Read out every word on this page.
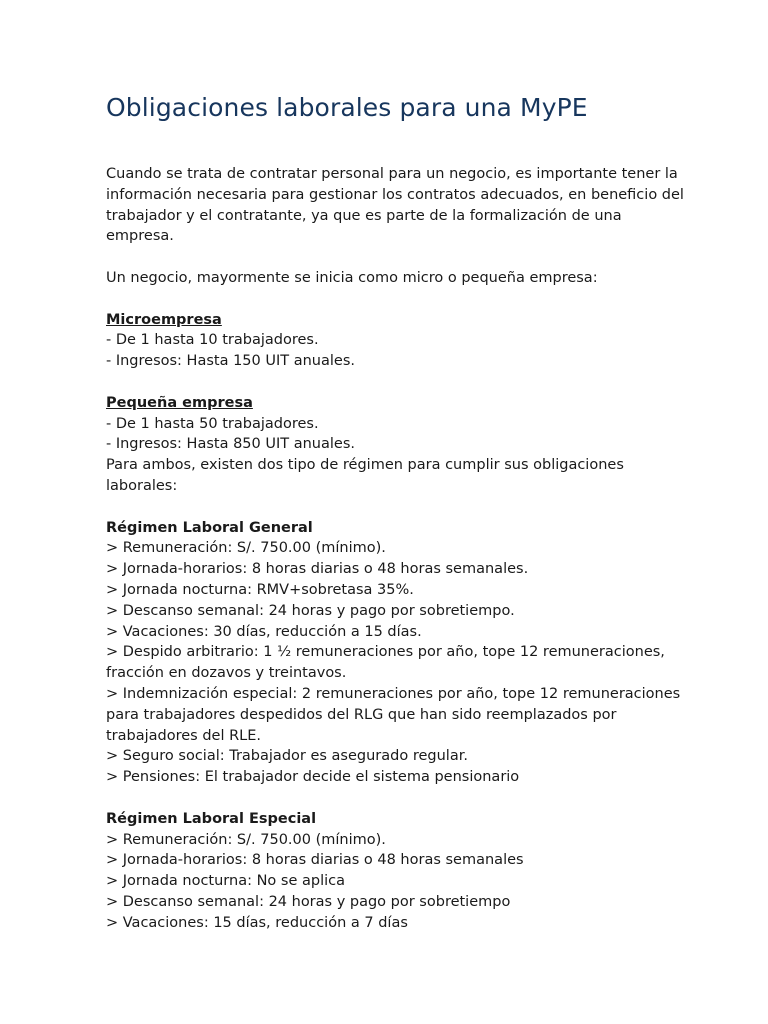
Obligaciones laborales para una MyPE

Cuando se trata de contratar personal para un negocio, es importante tener la información necesaria para gestionar los contratos adecuados, en beneficio del trabajador y el contratante, ya que es parte de la formalización de una empresa.

Un negocio, mayormente se inicia como micro o pequeña empresa:

Microempresa
- De 1 hasta 10 trabajadores.
- Ingresos: Hasta 150 UIT anuales.
Pequeña empresa
- De 1 hasta 50 trabajadores.
- Ingresos: Hasta 850 UIT anuales.

Para ambos, existen dos tipo de régimen para cumplir sus obligaciones laborales:

Régimen Laboral General
> Remuneración: S/. 750.00 (mínimo).
> Jornada-horarios: 8 horas diarias o 48 horas semanales.
> Jornada nocturna: RMV+sobretasa 35%.
> Descanso semanal: 24 horas y pago por sobretiempo.
> Vacaciones: 30 días, reducción a 15 días.
> Despido arbitrario: 1 ½ remuneraciones por año, tope 12 remuneraciones, fracción en dozavos y treintavos.
> Indemnización especial: 2 remuneraciones por año, tope 12 remuneraciones para trabajadores despedidos del RLG que han sido reemplazados por trabajadores del RLE.
> Seguro social: Trabajador es asegurado regular.
> Pensiones: El trabajador decide el sistema pensionario
Régimen Laboral Especial
> Remuneración: S/. 750.00 (mínimo).
> Jornada-horarios: 8 horas diarias o 48 horas semanales
> Jornada nocturna: No se aplica
> Descanso semanal: 24 horas y pago por sobretiempo
> Vacaciones: 15 días, reducción a 7 días
